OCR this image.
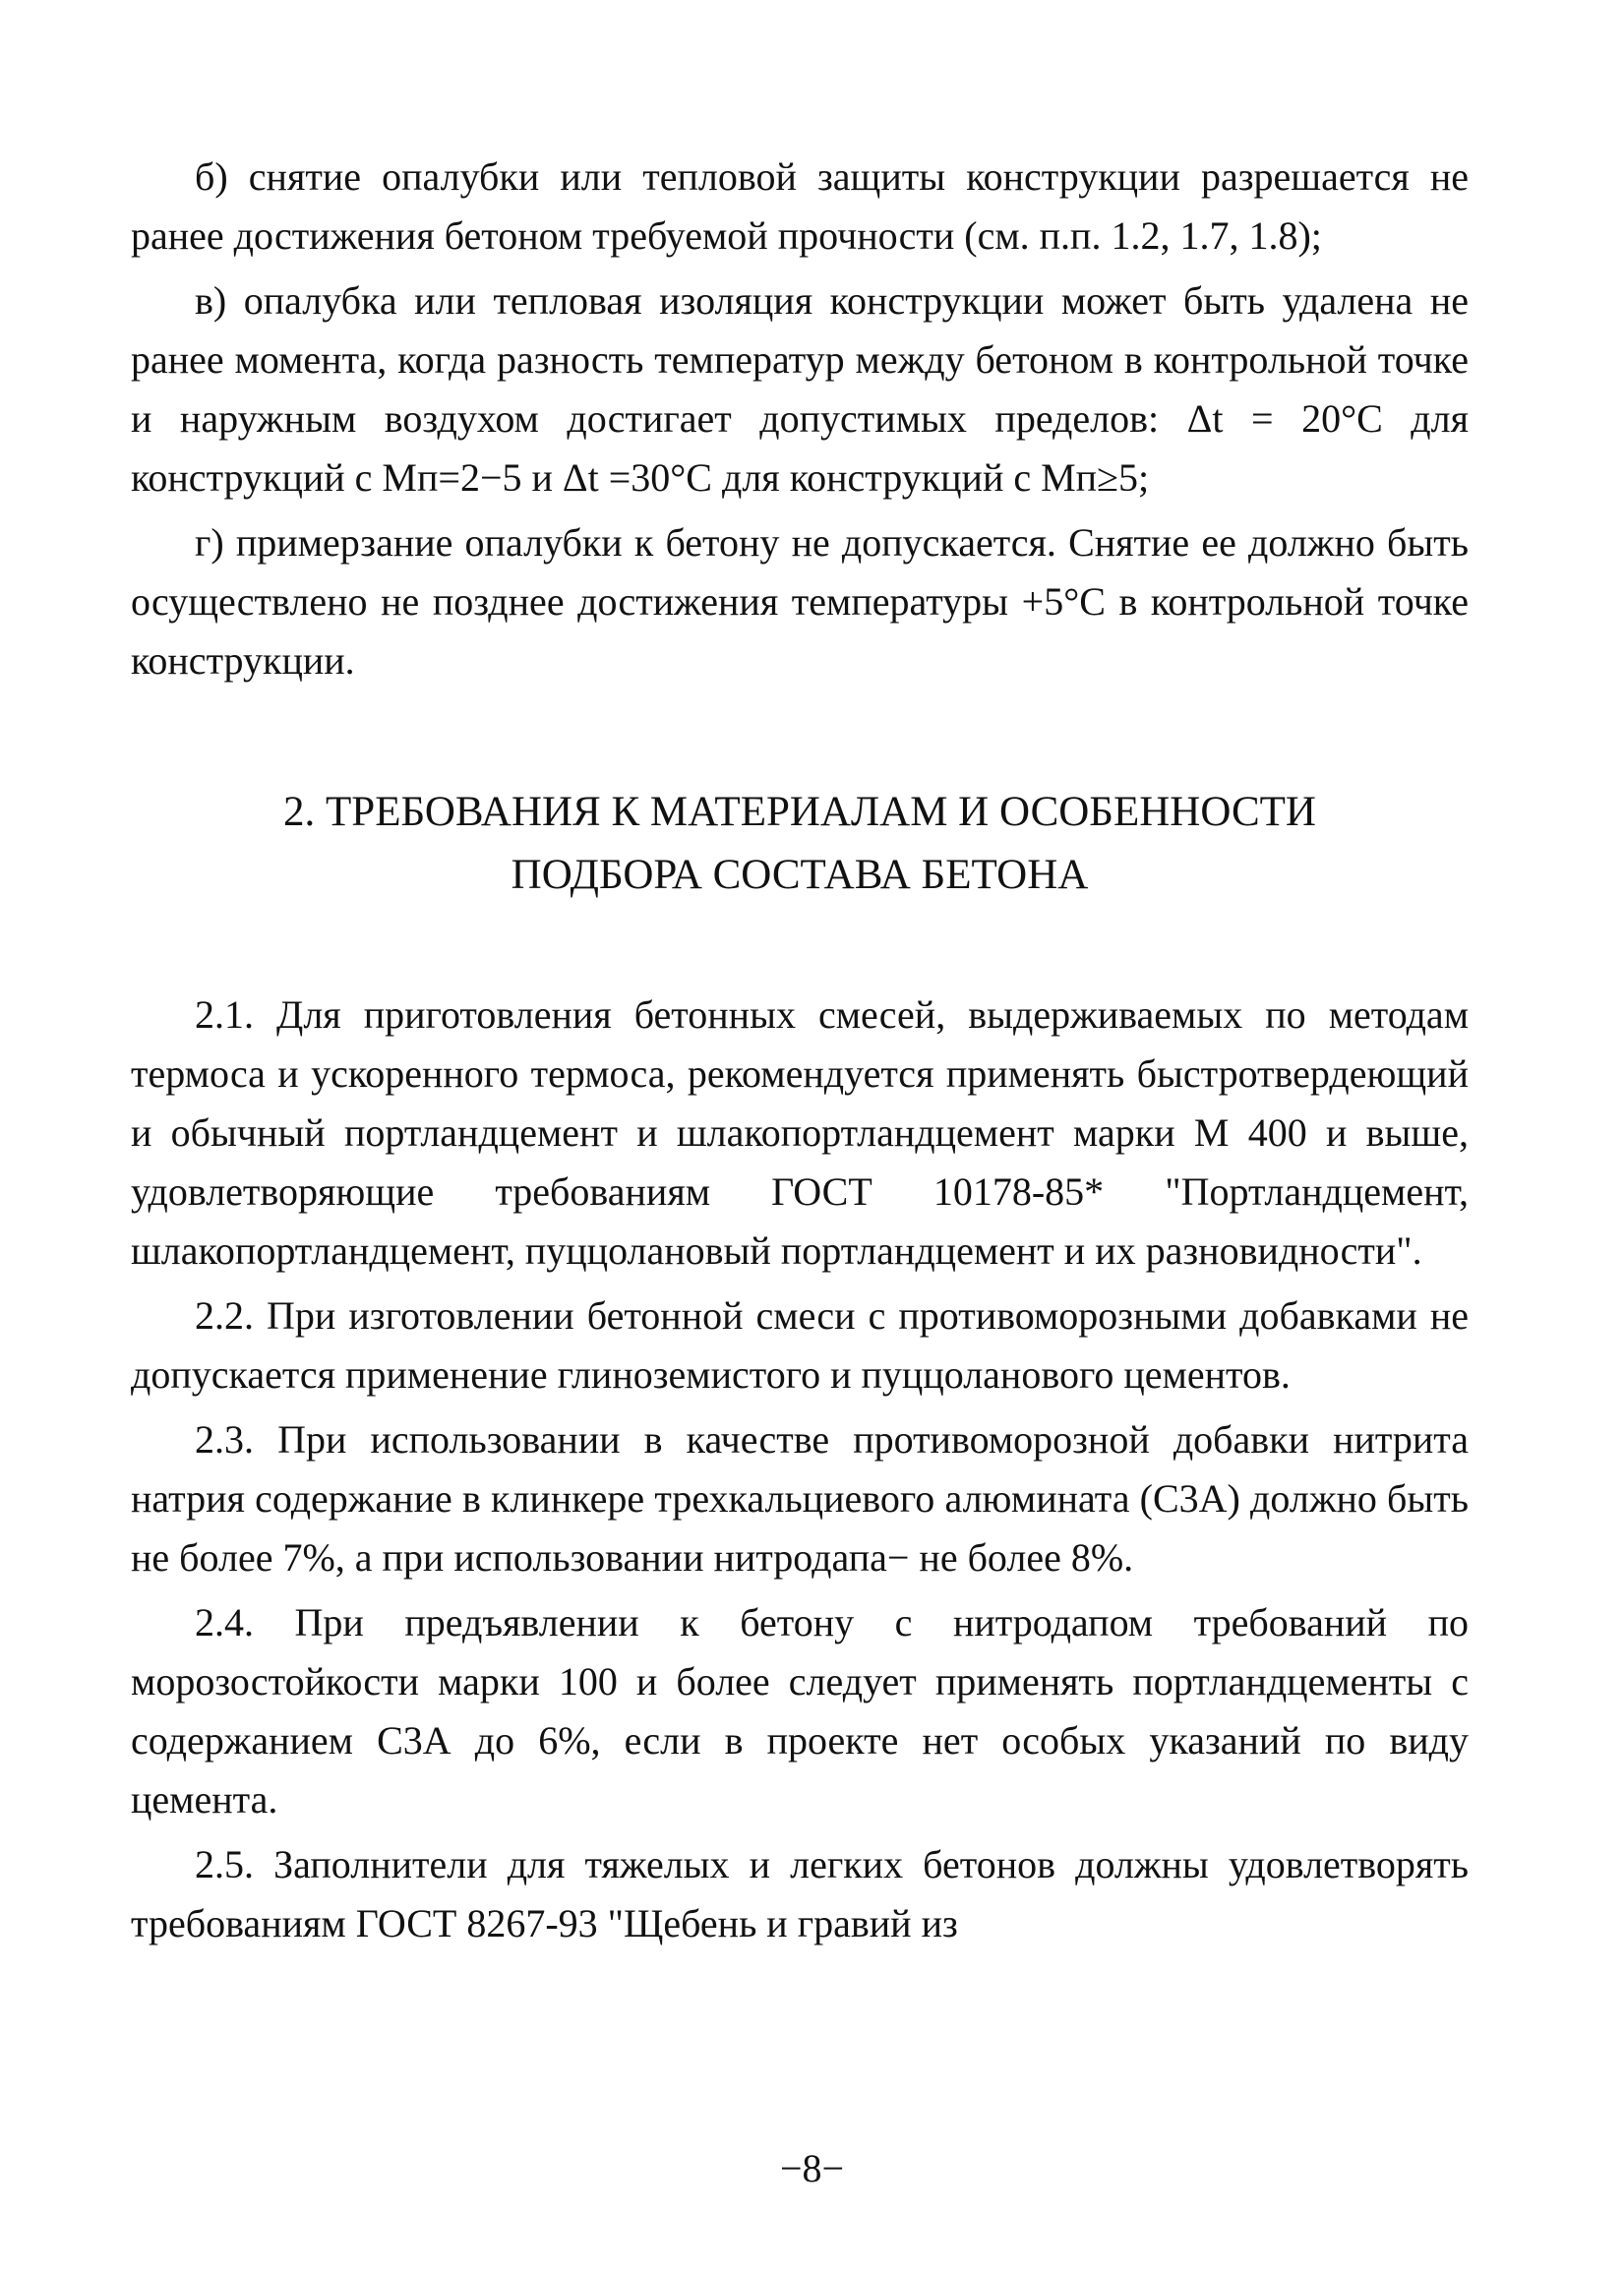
б) снятие опалубки или тепловой защиты конструкции разрешается не ранее достижения бетоном требуемой прочности (см. п.п. 1.2, 1.7, 1.8);

в) опалубка или тепловая изоляция конструкции может быть удалена не ранее момента, когда разность температур между бетоном в контрольной точке и наружным воздухом достигает допустимых пределов: Δt = 20°С для конструкций с Мп=2−5 и Δt =30°С для конструкций с Мп≥5;

г) примерзание опалубки к бетону не допускается. Снятие ее должно быть осуществлено не позднее достижения температуры +5°С в контрольной точке конструкции.

2. ТРЕБОВАНИЯ К МАТЕРИАЛАМ И ОСОБЕННОСТИ
ПОДБОРА СОСТАВА БЕТОНА

2.1. Для приготовления бетонных смесей, выдерживаемых по методам термоса и ускоренного термоса, рекомендуется применять быстротвердеющий и обычный портландцемент и шлакопортландцемент марки М 400 и выше, удовлетворяющие требованиям ГОСТ 10178-85* "Портландцемент, шлакопортландцемент, пуццолановый портландцемент и их разновидности".

2.2. При изготовлении бетонной смеси с противоморозными добавками не допускается применение глиноземистого и пуццоланового цементов.

2.3. При использовании в качестве противоморозной добавки нитрита натрия содержание в клинкере трехкальциевого алюмината (С3А) должно быть не более 7%, а при использовании нитродапа− не более 8%.

2.4. При предъявлении к бетону с нитродапом требований по морозостойкости марки 100 и более следует применять портландцементы с содержанием С3А до 6%, если в проекте нет особых указаний по виду цемента.

2.5. Заполнители для тяжелых и легких бетонов должны удовлетворять требованиям ГОСТ 8267-93 "Щебень и гравий из

−8−
